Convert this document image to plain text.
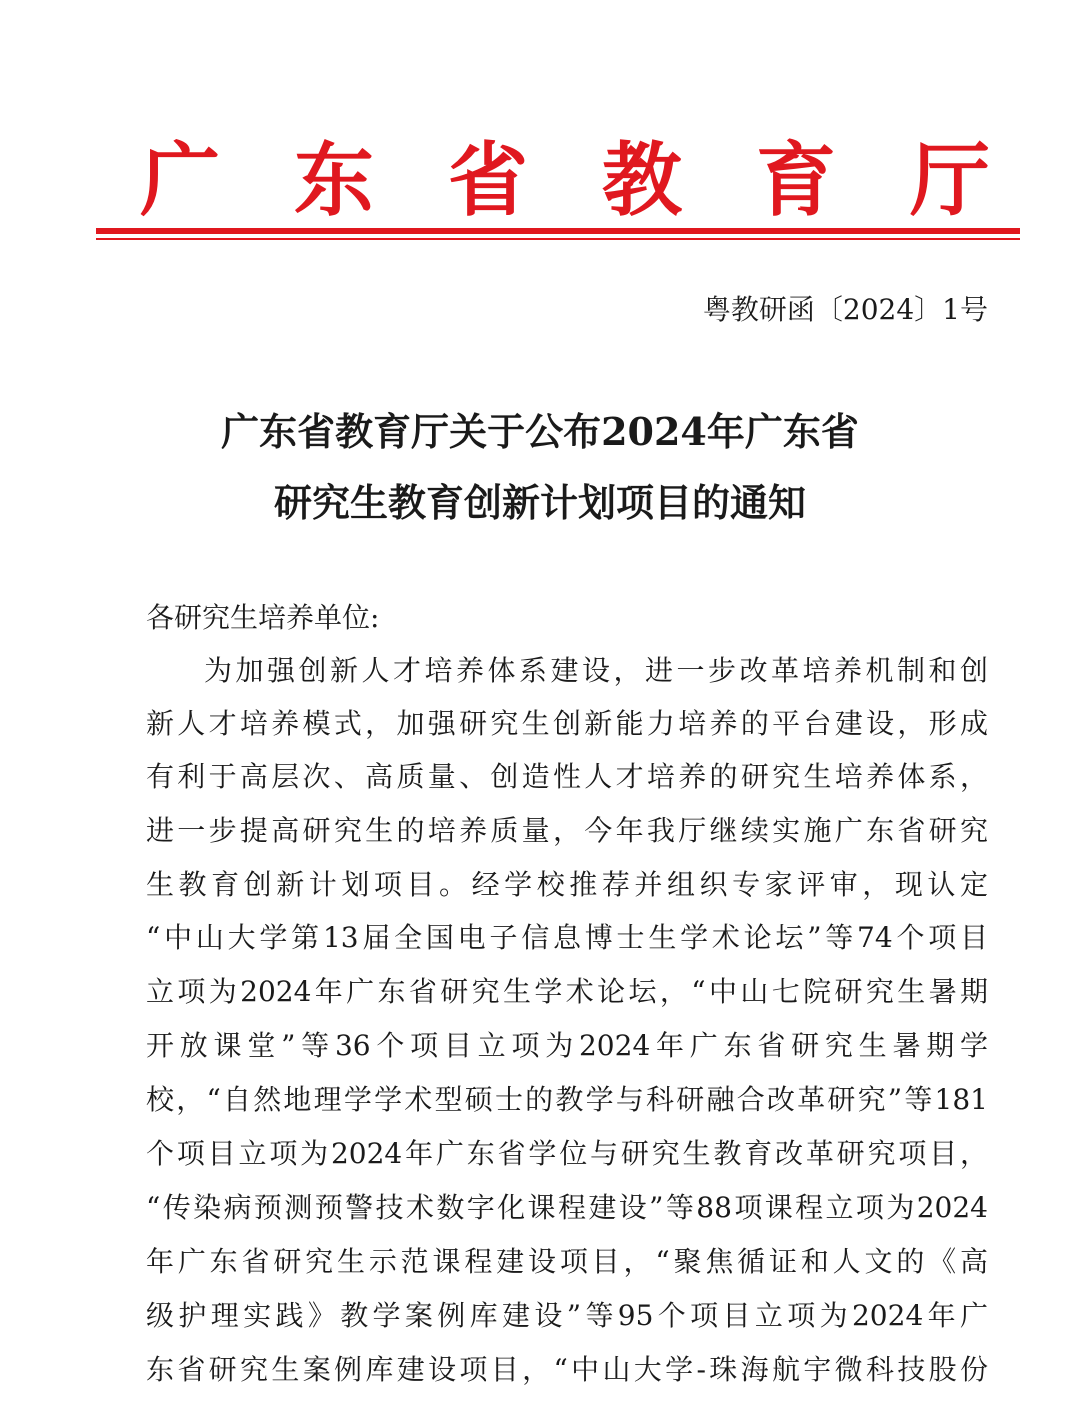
广 东 省 教 育 厅
粤教研函〔2024〕1号
广东省教育厅关于公布2024年广东省
研究生教育创新计划项目的通知
各研究生培养单位:
为加强创新人才培养体系建设，进一步改革培养机制和创
新人才培养模式，加强研究生创新能力培养的平台建设，形成
有利于高层次、高质量、创造性人才培养的研究生培养体系，
进一步提高研究生的培养质量，今年我厅继续实施广东省研究
生教育创新计划项目。经学校推荐并组织专家评审，现认定
“中山大学第13届全国电子信息博士生学术论坛”等74个项目
立项为2024年广东省研究生学术论坛，“中山七院研究生暑期
开放课堂”等36个项目立项为2024年广东省研究生暑期学
校，“自然地理学学术型硕士的教学与科研融合改革研究”等181
个项目立项为2024年广东省学位与研究生教育改革研究项目，
“传染病预测预警技术数字化课程建设”等88项课程立项为2024
年广东省研究生示范课程建设项目，“聚焦循证和人文的《高
级护理实践》教学案例库建设”等95个项目立项为2024年广
东省研究生案例库建设项目，“中山大学-珠海航宇微科技股份
